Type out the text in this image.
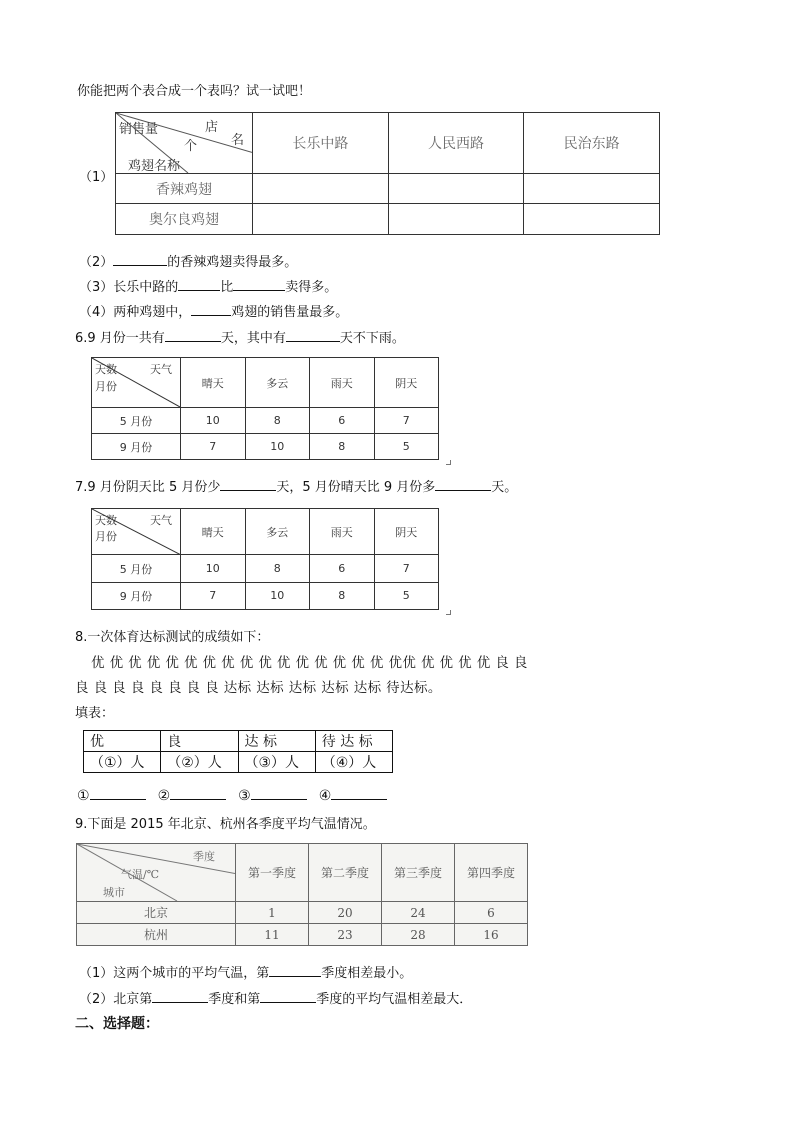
你能把两个表合成一个表吗？试一试吧！
（1）
店
名
销售量
个
鸡翅名称	长乐中路	人民西路	民治东路
香辣鸡翅			
奥尔良鸡翅			
（2）	的香辣鸡翅卖得最多。
（3）长乐中路的	比	卖得多。
（4）两种鸡翅中，	鸡翅的销售量最多。
6.9 月份一共有	天，其中有	天不下雨。
天数 天气
月份	晴天	多云	雨天	阴天
5 月份	10	8	6	7
9 月份	7	10	8	5
7.9 月份阴天比 5 月份少	天，5 月份晴天比 9 月份多	天。
天数 天气
月份	晴天	多云	雨天	阴天
5 月份	10	8	6	7
9 月份	7	10	8	5
8.一次体育达标测试的成绩如下：
优 优 优 优 优 优 优 优 优 优 优 优 优 优 优 优 优优 优 优 优 优 良 良
良 良 良 良 良 良 良 良 达标 达标 达标 达标 达标 待达标。
填表：
优	良	达 标	待 达 标
（①）人	（②）人	（③）人	（④）人
①	②	③	④
9.下面是 2015 年北京、杭州各季度平均气温情况。
季度
气温/℃
城市	第一季度	第二季度	第三季度	第四季度
北京	1	20	24	6
杭州	11	23	28	16
（1）这两个城市的平均气温，第	季度相差最小。
（2）北京第	季度和第	季度的平均气温相差最大．
二、选择题：
